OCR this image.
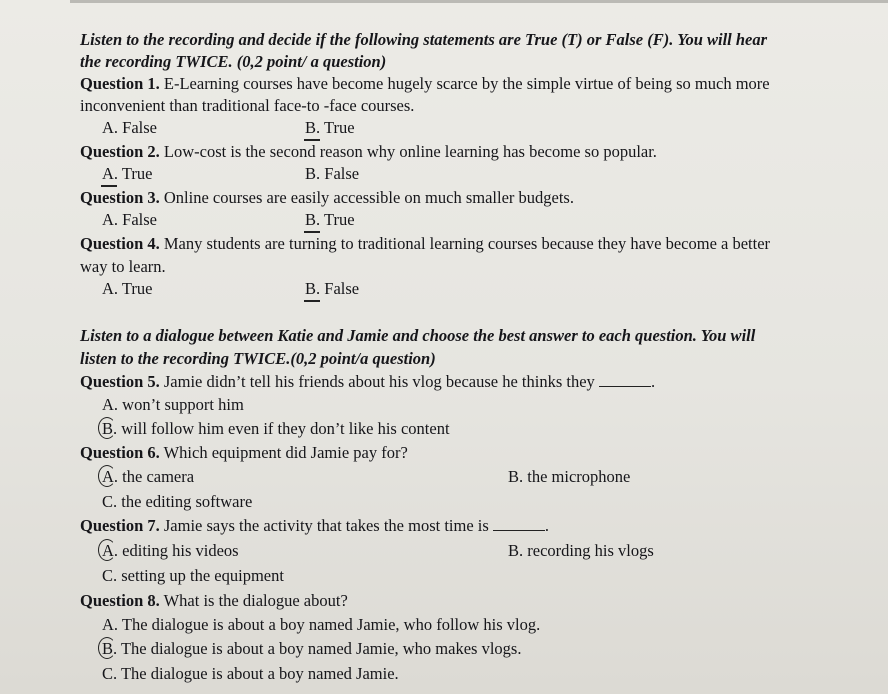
Listen to the recording and decide if the following statements are True (T) or False (F). You will hear
the recording TWICE. (0,2 point/ a question)
Question 1. E-Learning courses have become hugely scarce by the simple virtue of being so much more
inconvenient than traditional face-to -face courses.
A. False	B. True
Question 2. Low-cost is the second reason why online learning has become so popular.
A. True	B. False
Question 3. Online courses are easily accessible on much smaller budgets.
A. False	B. True
Question 4. Many students are turning to traditional learning courses because they have become a better
way to learn.
A. True	B. False
Listen to a dialogue between Katie and Jamie and choose the best answer to each question. You will
listen to the recording TWICE.(0,2 point/a question)
Question 5. Jamie didn’t tell his friends about his vlog because he thinks they	.
A. won’t support him
B. will follow him even if they don’t like his content
Question 6. Which equipment did Jamie pay for?
A. the camera	B. the microphone
C. the editing software
Question 7. Jamie says the activity that takes the most time is	.
A. editing his videos	B. recording his vlogs
C. setting up the equipment
Question 8. What is the dialogue about?
A. The dialogue is about a boy named Jamie, who follow his vlog.
B. The dialogue is about a boy named Jamie, who makes vlogs.
C. The dialogue is about a boy named Jamie.
